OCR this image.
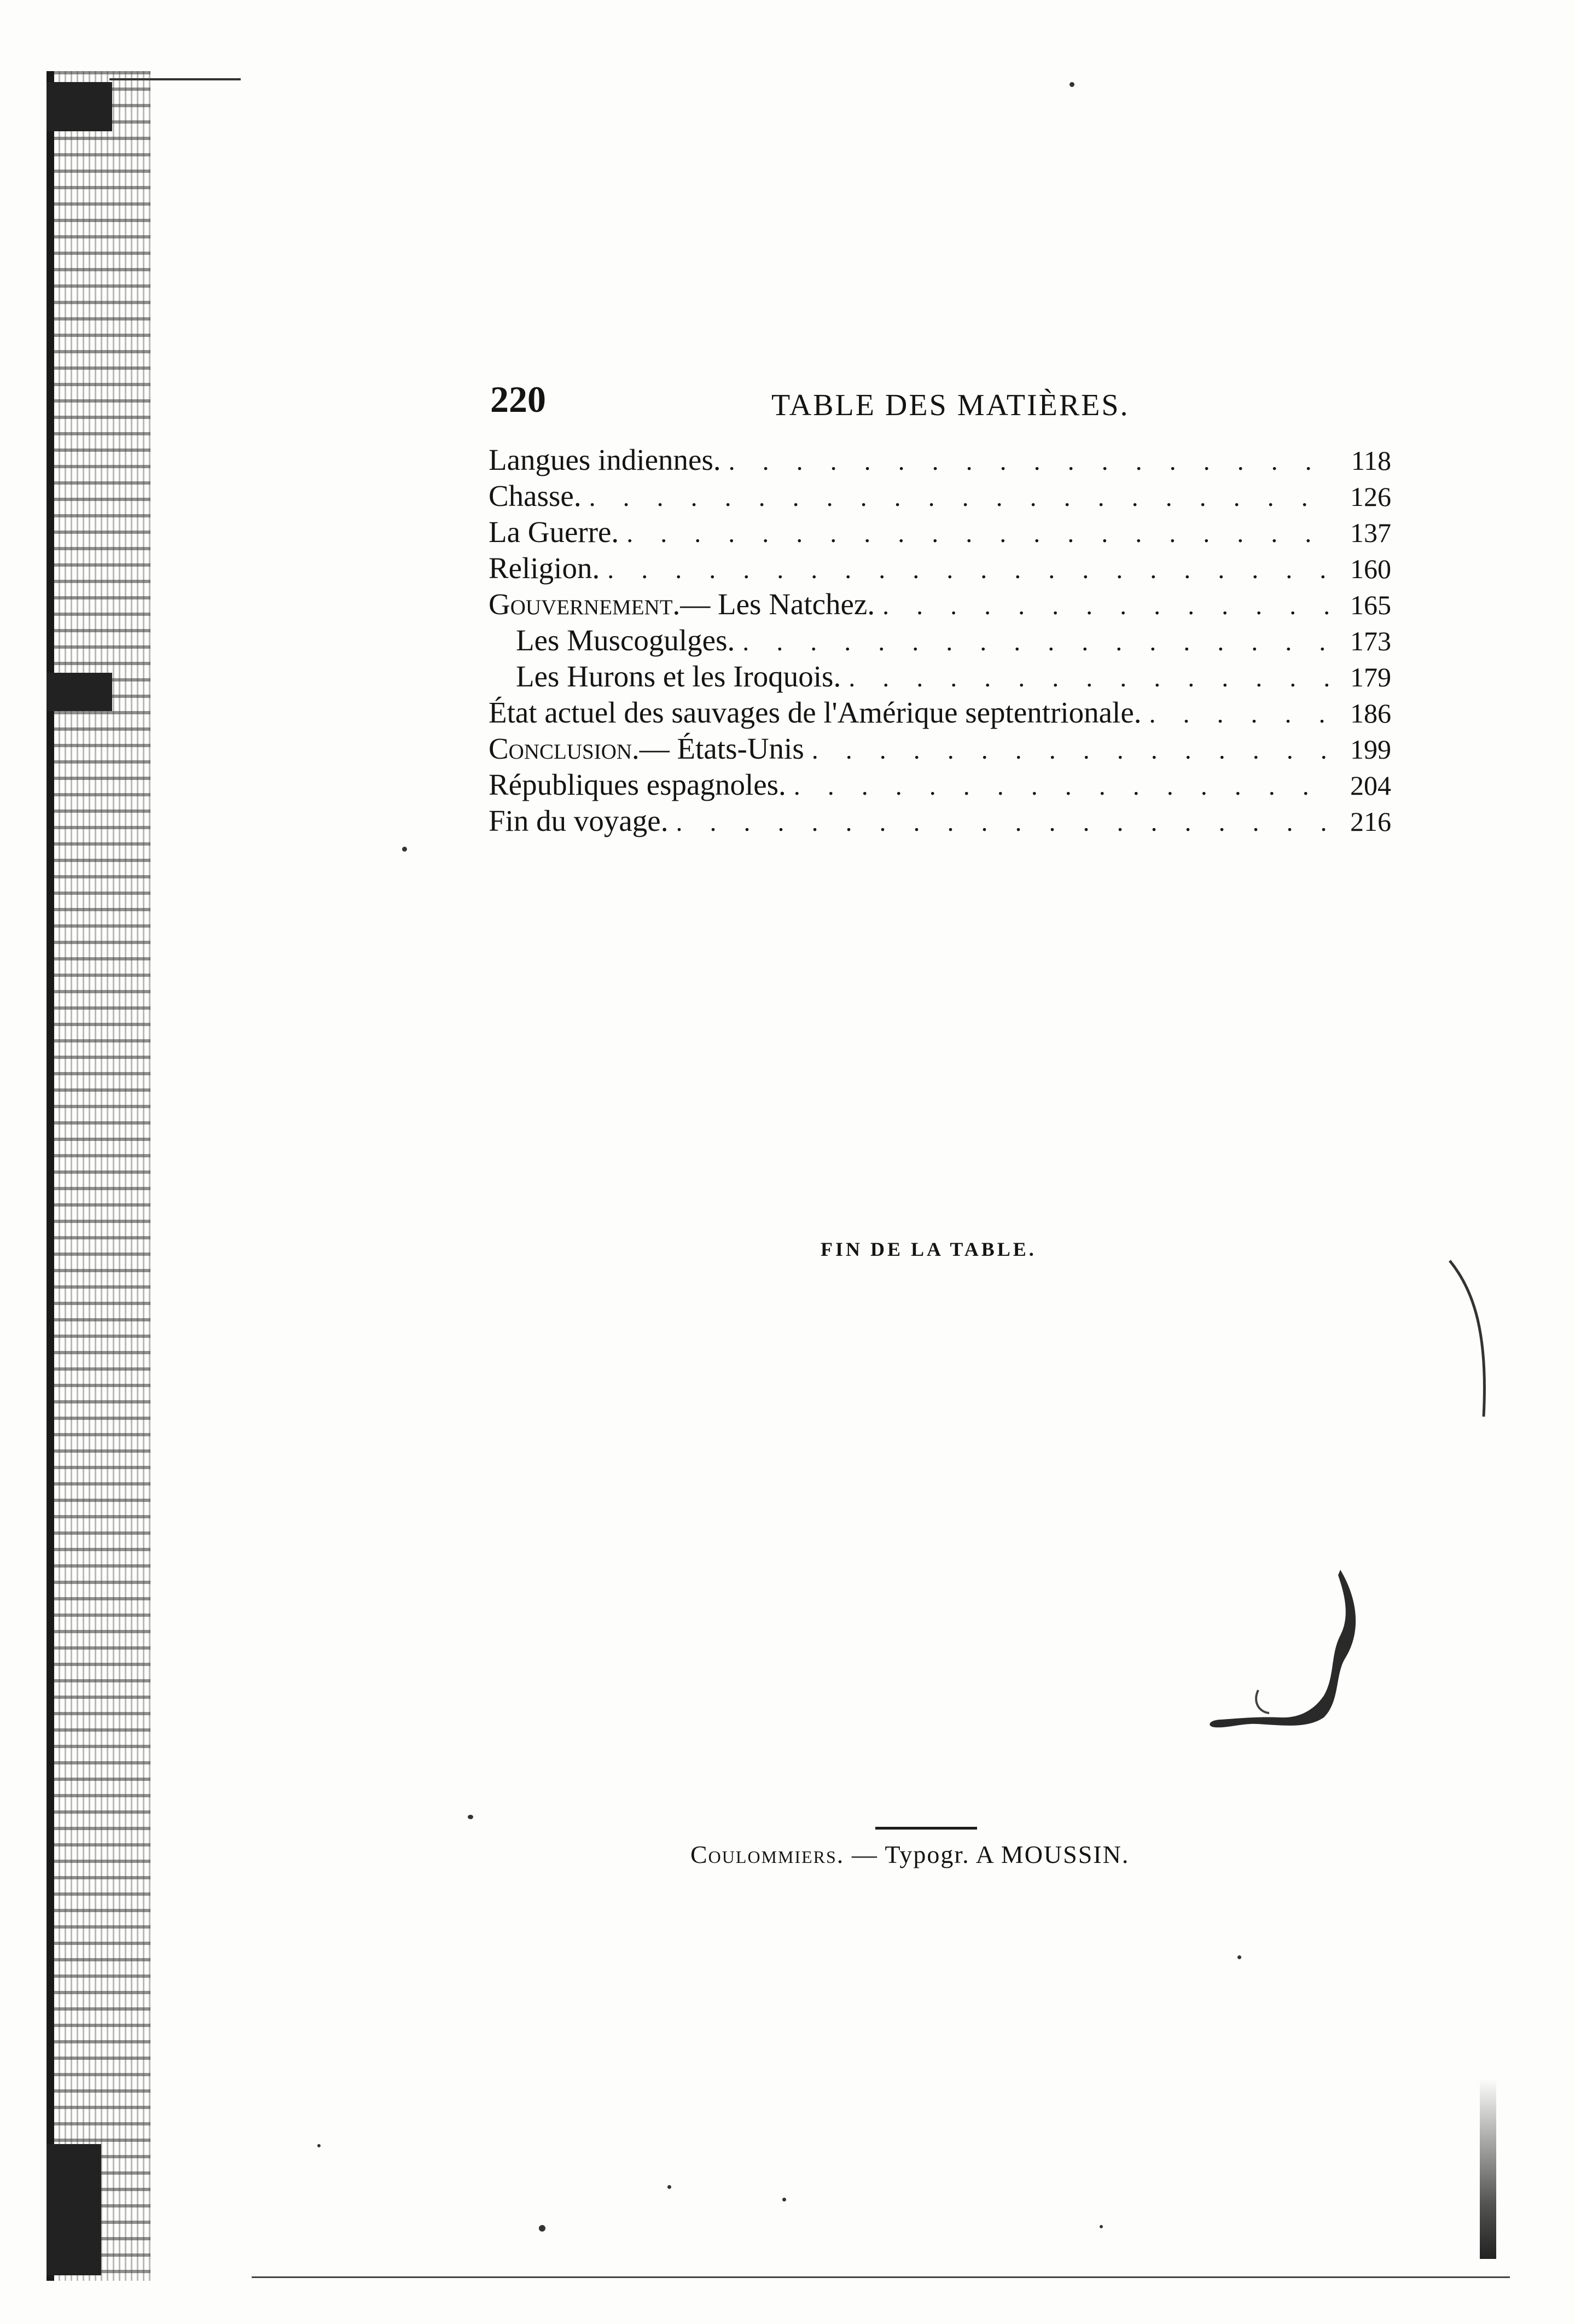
220	TABLE DES MATIÈRES.
Langues indiennes. . . .	118
Chasse. . . .	126
La Guerre. . . .	137
Religion. . . .	160
Gouvernement. — Les Natchez. . . .	165
Les Muscogulges. . . .	173
Les Hurons et les Iroquois. . . .	179
État actuel des sauvages de l'Amérique septentrionale. . . .	186
Conclusion. — États-Unis . . .	199
Républiques espagnoles. . . .	204
Fin du voyage. . . .	216

FIN DE LA TABLE.

Coulommiers. — Typogr. A MOUSSIN.
